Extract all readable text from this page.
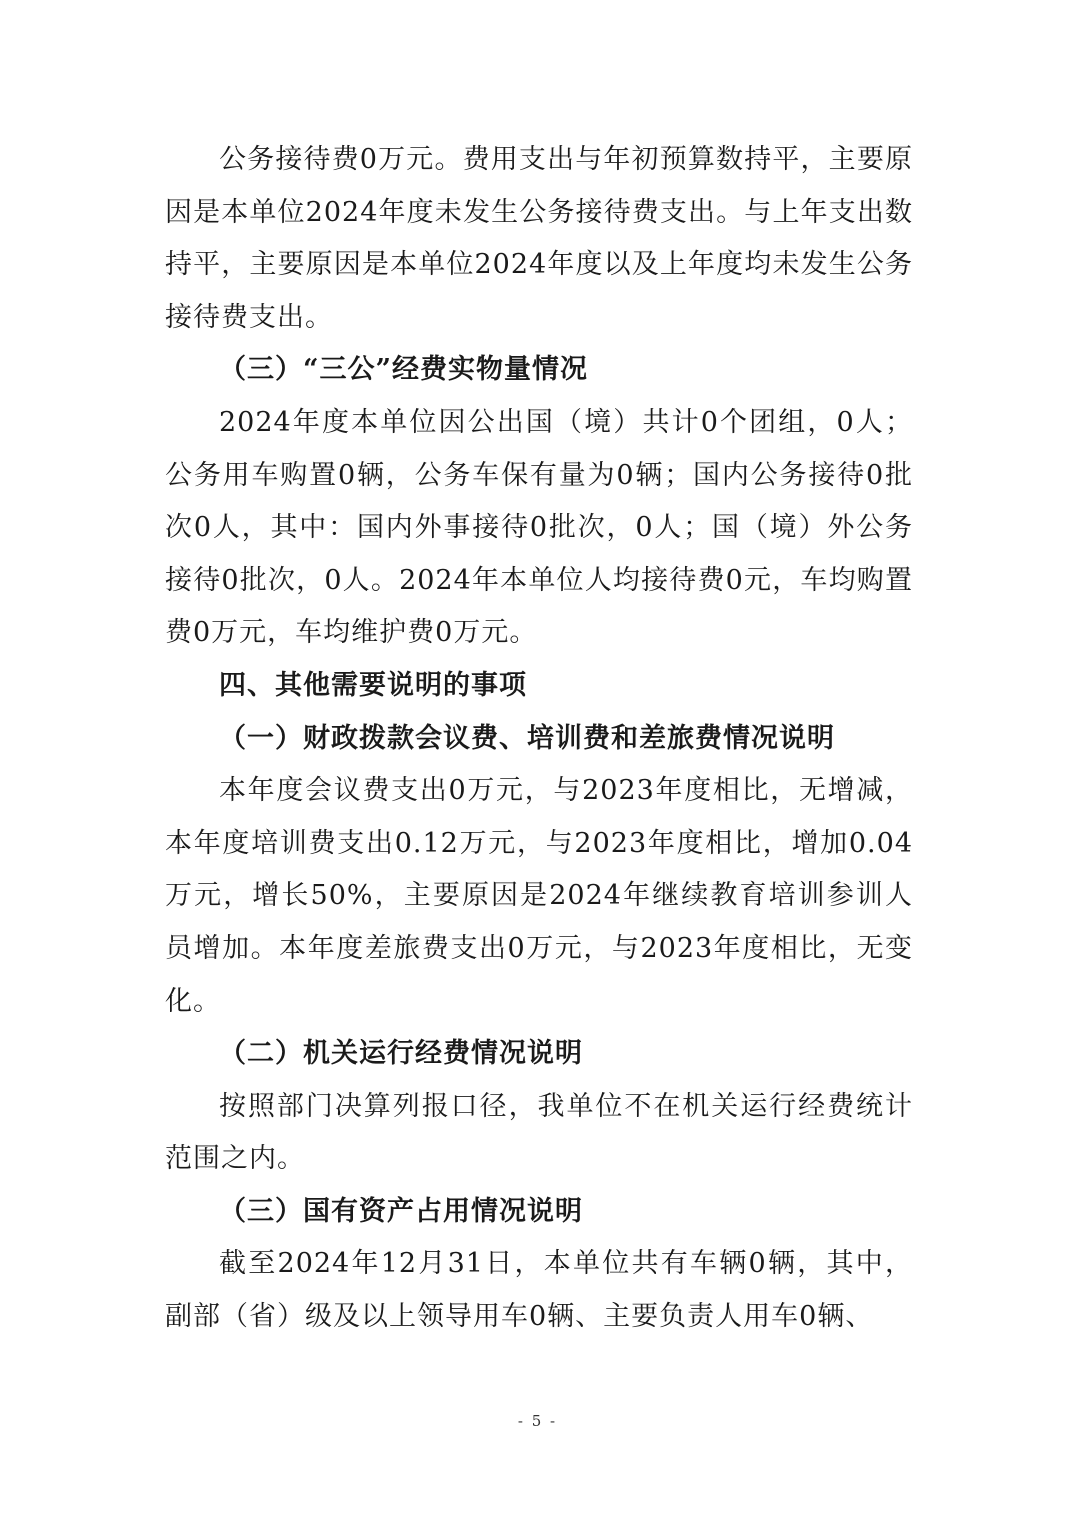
公务接待费0万元。费用支出与年初预算数持平，主要原因是本单位2024年度未发生公务接待费支出。与上年支出数持平，主要原因是本单位2024年度以及上年度均未发生公务接待费支出。

（三）“三公”经费实物量情况

2024年度本单位因公出国（境）共计0个团组，0人；公务用车购置0辆，公务车保有量为0辆；国内公务接待0批次0人，其中：国内外事接待0批次，0人；国（境）外公务接待0批次，0人。2024年本单位人均接待费0元，车均购置费0万元，车均维护费0万元。

四、其他需要说明的事项

（一）财政拨款会议费、培训费和差旅费情况说明

本年度会议费支出0万元，与2023年度相比，无增减，本年度培训费支出0.12万元，与2023年度相比，增加0.04万元，增长50%，主要原因是2024年继续教育培训参训人员增加。本年度差旅费支出0万元，与2023年度相比，无变化。

（二）机关运行经费情况说明

按照部门决算列报口径，我单位不在机关运行经费统计范围之内。

（三）国有资产占用情况说明

截至2024年12月31日，本单位共有车辆0辆，其中，副部（省）级及以上领导用车0辆、主要负责人用车0辆、

- 5 -
